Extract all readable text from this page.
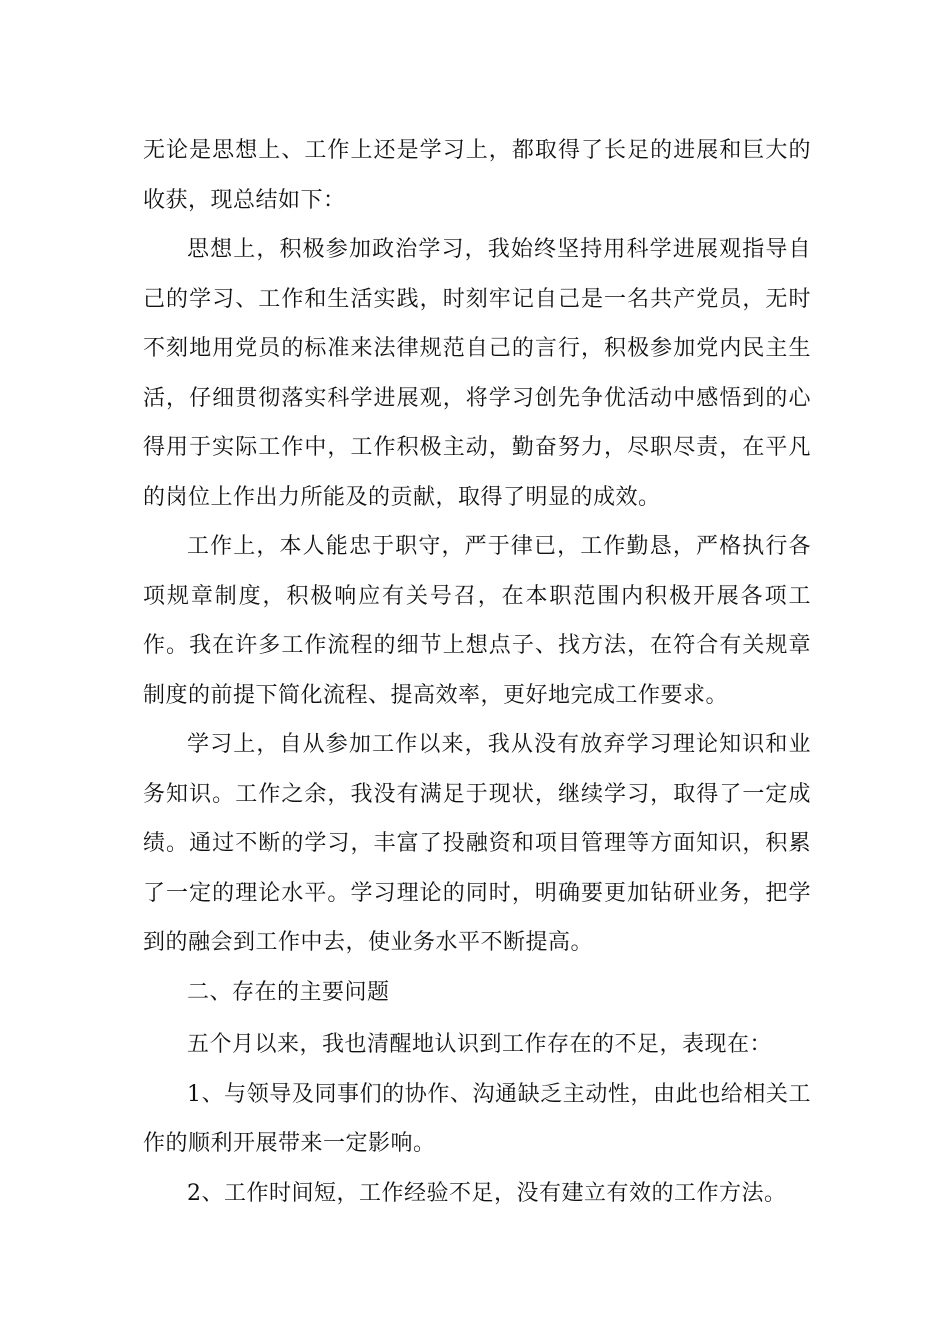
无论是思想上、工作上还是学习上，都取得了长足的进展和巨大的收获，现总结如下：

思想上，积极参加政治学习，我始终坚持用科学进展观指导自己的学习、工作和生活实践，时刻牢记自己是一名共产党员，无时不刻地用党员的标准来法律规范自己的言行，积极参加党内民主生活，仔细贯彻落实科学进展观，将学习创先争优活动中感悟到的心得用于实际工作中，工作积极主动，勤奋努力，尽职尽责，在平凡的岗位上作出力所能及的贡献，取得了明显的成效。

工作上，本人能忠于职守，严于律已，工作勤恳，严格执行各项规章制度，积极响应有关号召，在本职范围内积极开展各项工作。我在许多工作流程的细节上想点子、找方法，在符合有关规章制度的前提下简化流程、提高效率，更好地完成工作要求。

学习上，自从参加工作以来，我从没有放弃学习理论知识和业务知识。工作之余，我没有满足于现状，继续学习，取得了一定成绩。通过不断的学习，丰富了投融资和项目管理等方面知识，积累了一定的理论水平。学习理论的同时，明确要更加钻研业务，把学到的融会到工作中去，使业务水平不断提高。

二、存在的主要问题

五个月以来，我也清醒地认识到工作存在的不足，表现在：

1、与领导及同事们的协作、沟通缺乏主动性，由此也给相关工作的顺利开展带来一定影响。

2、工作时间短，工作经验不足，没有建立有效的工作方法。
